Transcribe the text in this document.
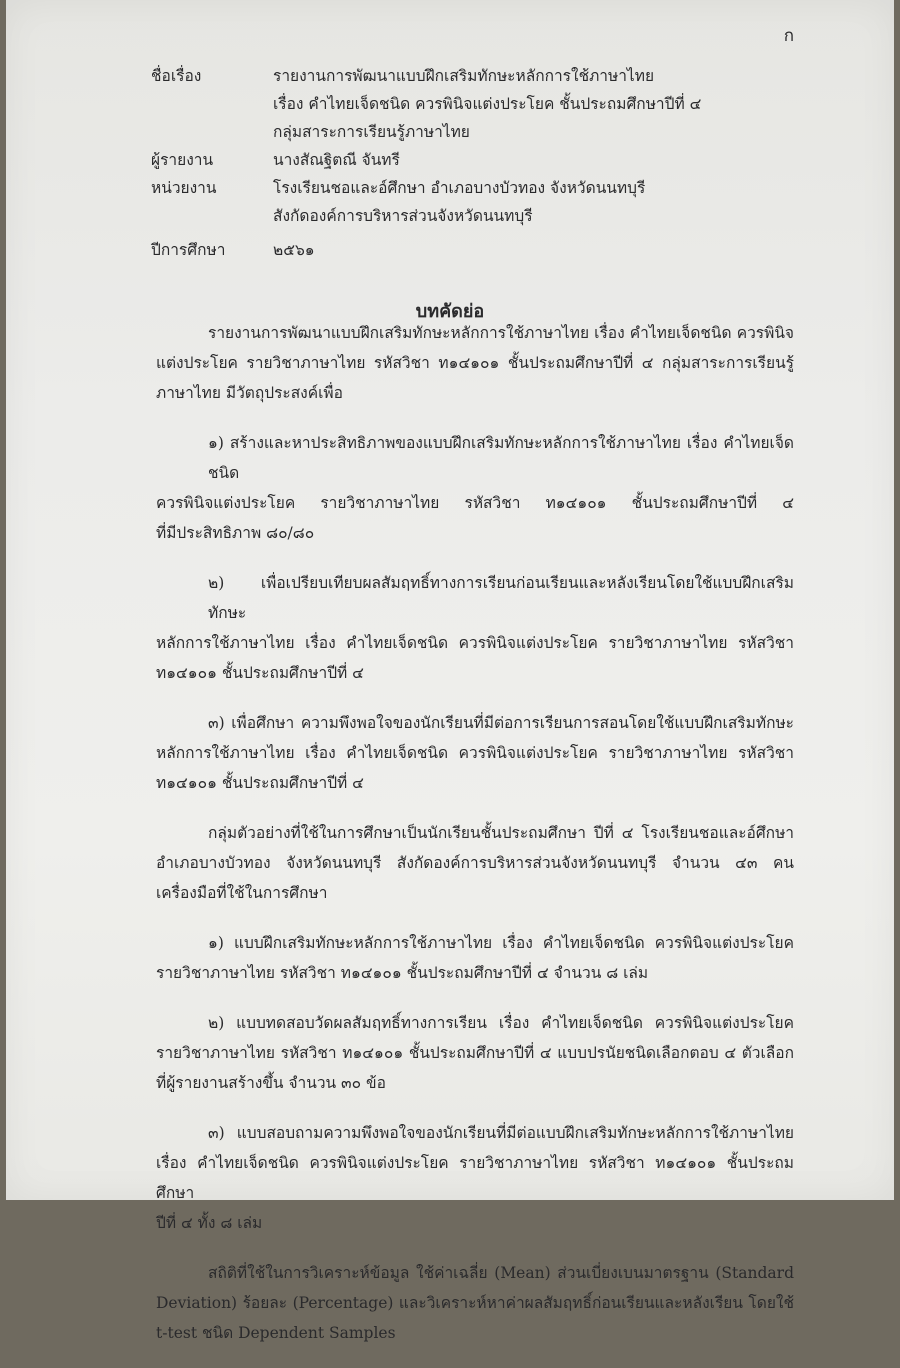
ก
ชื่อเรื่อง	รายงานการพัฒนาแบบฝึกเสริมทักษะหลักการใช้ภาษาไทย
เรื่อง คำไทยเจ็ดชนิด ควรพินิจแต่งประโยค ชั้นประถมศึกษาปีที่ ๔
กลุ่มสาระการเรียนรู้ภาษาไทย
ผู้รายงาน	นางสัณฐิตณี จันทรี
หน่วยงาน	โรงเรียนชอและอ์ศึกษา อำเภอบางบัวทอง จังหวัดนนทบุรี
สังกัดองค์การบริหารส่วนจังหวัดนนทบุรี
ปีการศึกษา	๒๕๖๑
บทคัดย่อ
รายงานการพัฒนาแบบฝึกเสริมทักษะหลักการใช้ภาษาไทย เรื่อง คำไทยเจ็ดชนิด ควรพินิจ
แต่งประโยค รายวิชาภาษาไทย รหัสวิชา ท๑๔๑๐๑ ชั้นประถมศึกษาปีที่ ๔ กลุ่มสาระการเรียนรู้
ภาษาไทย มีวัตถุประสงค์เพื่อ
๑) สร้างและหาประสิทธิภาพของแบบฝึกเสริมทักษะหลักการใช้ภาษาไทย เรื่อง คำไทยเจ็ดชนิด
ควรพินิจแต่งประโยค รายวิชาภาษาไทย รหัสวิชา ท๑๔๑๐๑ ชั้นประถมศึกษาปีที่ ๔
ที่มีประสิทธิภาพ ๘๐/๘๐
๒) เพื่อเปรียบเทียบผลสัมฤทธิ์ทางการเรียนก่อนเรียนและหลังเรียนโดยใช้แบบฝึกเสริมทักษะ
หลักการใช้ภาษาไทย เรื่อง คำไทยเจ็ดชนิด ควรพินิจแต่งประโยค รายวิชาภาษาไทย รหัสวิชา
ท๑๔๑๐๑ ชั้นประถมศึกษาปีที่ ๔
๓) เพื่อศึกษา ความพึงพอใจของนักเรียนที่มีต่อการเรียนการสอนโดยใช้แบบฝึกเสริมทักษะ
หลักการใช้ภาษาไทย เรื่อง คำไทยเจ็ดชนิด ควรพินิจแต่งประโยค รายวิชาภาษาไทย รหัสวิชา
ท๑๔๑๐๑ ชั้นประถมศึกษาปีที่ ๔
กลุ่มตัวอย่างที่ใช้ในการศึกษาเป็นนักเรียนชั้นประถมศึกษา ปีที่ ๔ โรงเรียนชอและอ์ศึกษา
อำเภอบางบัวทอง จังหวัดนนทบุรี สังกัดองค์การบริหารส่วนจังหวัดนนทบุรี จำนวน ๔๓ คน
เครื่องมือที่ใช้ในการศึกษา
๑) แบบฝึกเสริมทักษะหลักการใช้ภาษาไทย เรื่อง คำไทยเจ็ดชนิด ควรพินิจแต่งประโยค
รายวิชาภาษาไทย รหัสวิชา ท๑๔๑๐๑ ชั้นประถมศึกษาปีที่ ๔ จำนวน ๘ เล่ม
๒) แบบทดสอบวัดผลสัมฤทธิ์ทางการเรียน เรื่อง คำไทยเจ็ดชนิด ควรพินิจแต่งประโยค
รายวิชาภาษาไทย รหัสวิชา ท๑๔๑๐๑ ชั้นประถมศึกษาปีที่ ๔ แบบปรนัยชนิดเลือกตอบ ๔ ตัวเลือก
ที่ผู้รายงานสร้างขึ้น จำนวน ๓๐ ข้อ
๓) แบบสอบถามความพึงพอใจของนักเรียนที่มีต่อแบบฝึกเสริมทักษะหลักการใช้ภาษาไทย
เรื่อง คำไทยเจ็ดชนิด ควรพินิจแต่งประโยค รายวิชาภาษาไทย รหัสวิชา ท๑๔๑๐๑ ชั้นประถมศึกษา
ปีที่ ๔ ทั้ง ๘ เล่ม
สถิติที่ใช้ในการวิเคราะห์ข้อมูล ใช้ค่าเฉลี่ย (Mean) ส่วนเบี่ยงเบนมาตรฐาน (Standard
Deviation) ร้อยละ (Percentage) และวิเคราะห์หาค่าผลสัมฤทธิ์ก่อนเรียนและหลังเรียน โดยใช้
t-test ชนิด Dependent Samples
